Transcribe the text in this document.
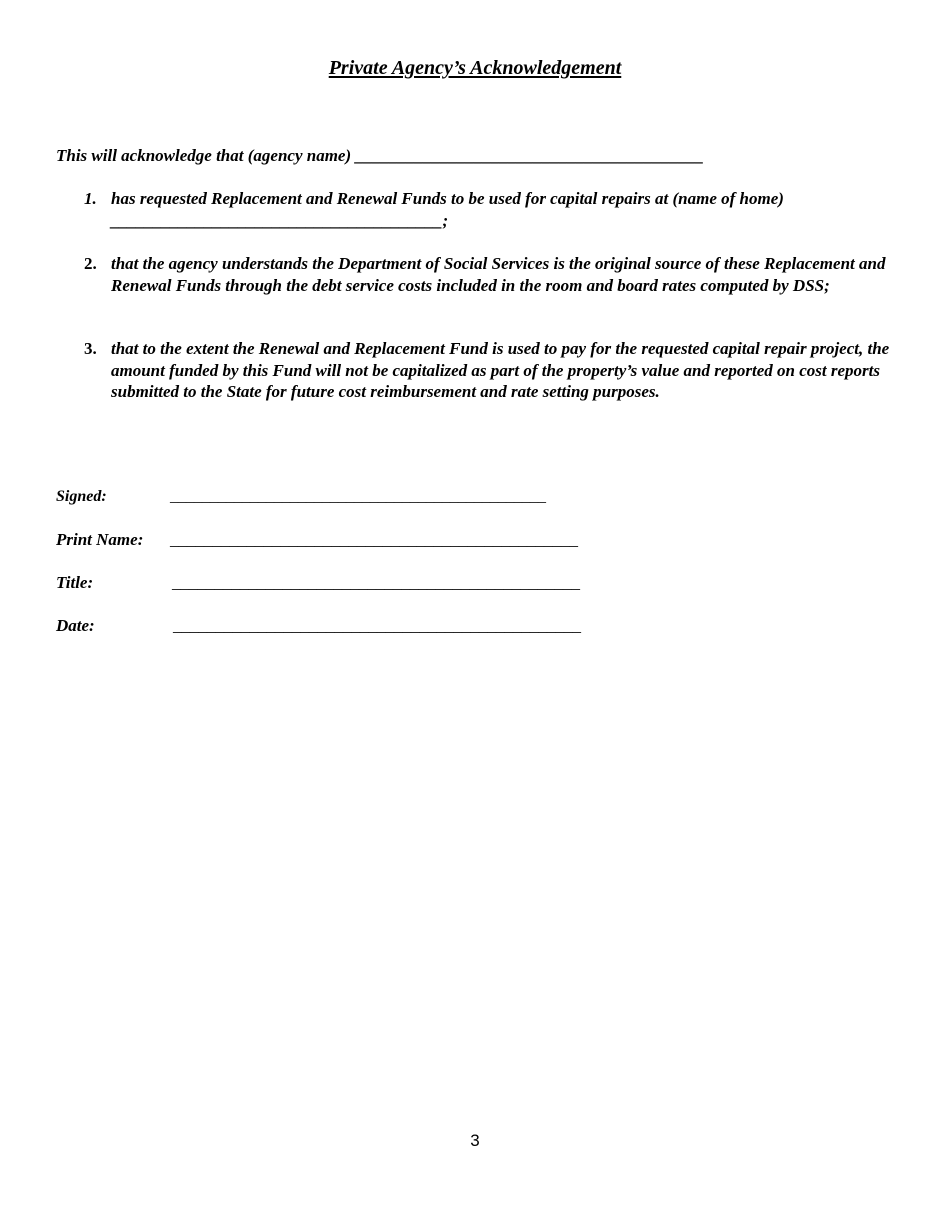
Private Agency’s Acknowledgement
This will acknowledge that (agency name) _________________________________________
1. has requested Replacement and Renewal Funds to be used for capital repairs at (name of home)
_______________________________________;
2. that the agency understands the Department of Social Services is the original source of these Replacement and Renewal Funds through the debt service costs included in the room and board rates computed by DSS;
3. that to the extent the Renewal and Replacement Fund is used to pay for the requested capital repair project, the amount funded by this Fund will not be capitalized as part of the property’s value and reported on cost reports submitted to the State for future cost reimbursement and rate setting purposes.
Signed:	_______________________________________________
Print Name: ________________________________________________
Title:	________________________________________________
Date:	________________________________________________
3
